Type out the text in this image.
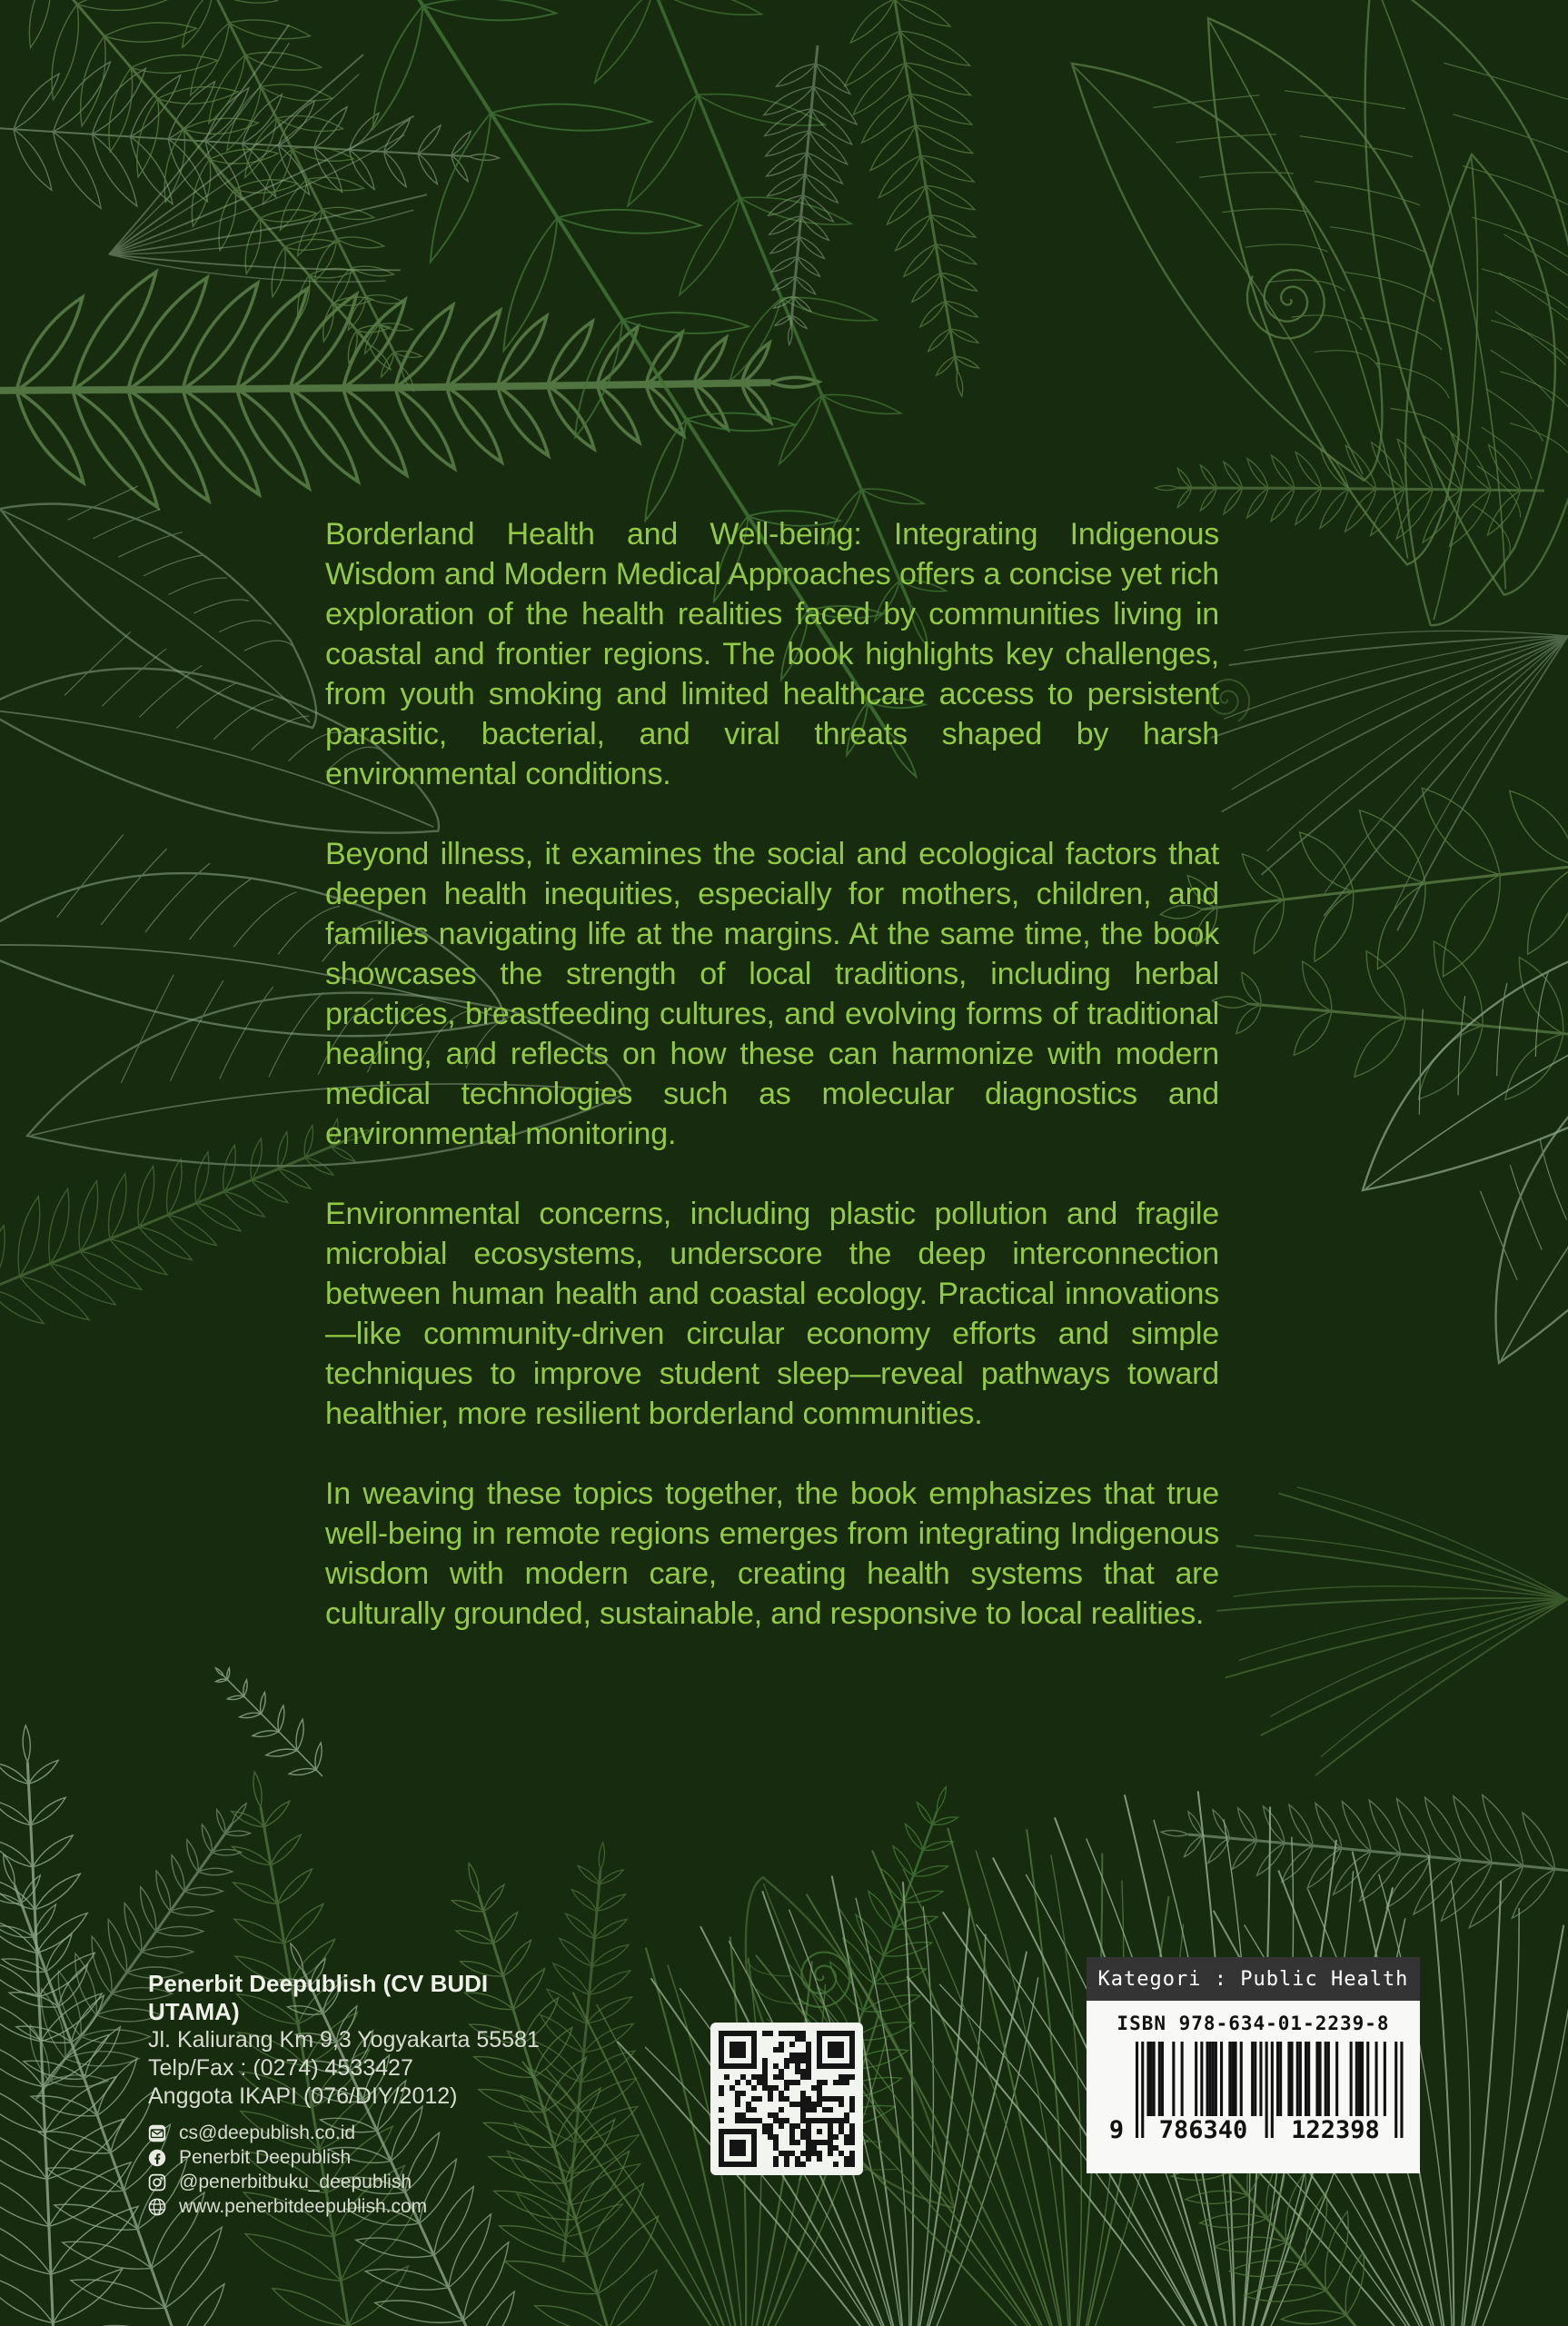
Borderland Health and Well-being: Integrating Indigenous Wisdom and Modern Medical Approaches offers a concise yet rich exploration of the health realities faced by communities living in coastal and frontier regions. The book highlights key challenges, from youth smoking and limited healthcare access to persistent parasitic, bacterial, and viral threats shaped by harsh environmental conditions.

Beyond illness, it examines the social and ecological factors that deepen health inequities, especially for mothers, children, and families navigating life at the margins. At the same time, the book showcases the strength of local traditions, including herbal practices, breastfeeding cultures, and evolving forms of traditional healing, and reflects on how these can harmonize with modern medical technologies such as molecular diagnostics and environmental monitoring.

Environmental concerns, including plastic pollution and fragile microbial ecosystems, underscore the deep interconnection between human health and coastal ecology. Practical innovations—like community-driven circular economy efforts and simple techniques to improve student sleep—reveal pathways toward healthier, more resilient borderland communities.

In weaving these topics together, the book emphasizes that true well-being in remote regions emerges from integrating Indigenous wisdom with modern care, creating health systems that are culturally grounded, sustainable, and responsive to local realities.

Penerbit Deepublish (CV BUDI UTAMA)
Jl. Kaliurang Km 9,3 Yogyakarta 55581
Telp/Fax : (0274) 4533427
Anggota IKAPI (076/DIY/2012)
cs@deepublish.co.id
Penerbit Deepublish
@penerbitbuku_deepublish
www.penerbitdeepublish.com
Kategori : Public Health
ISBN 978-634-01-2239-8
9	786340	122398
